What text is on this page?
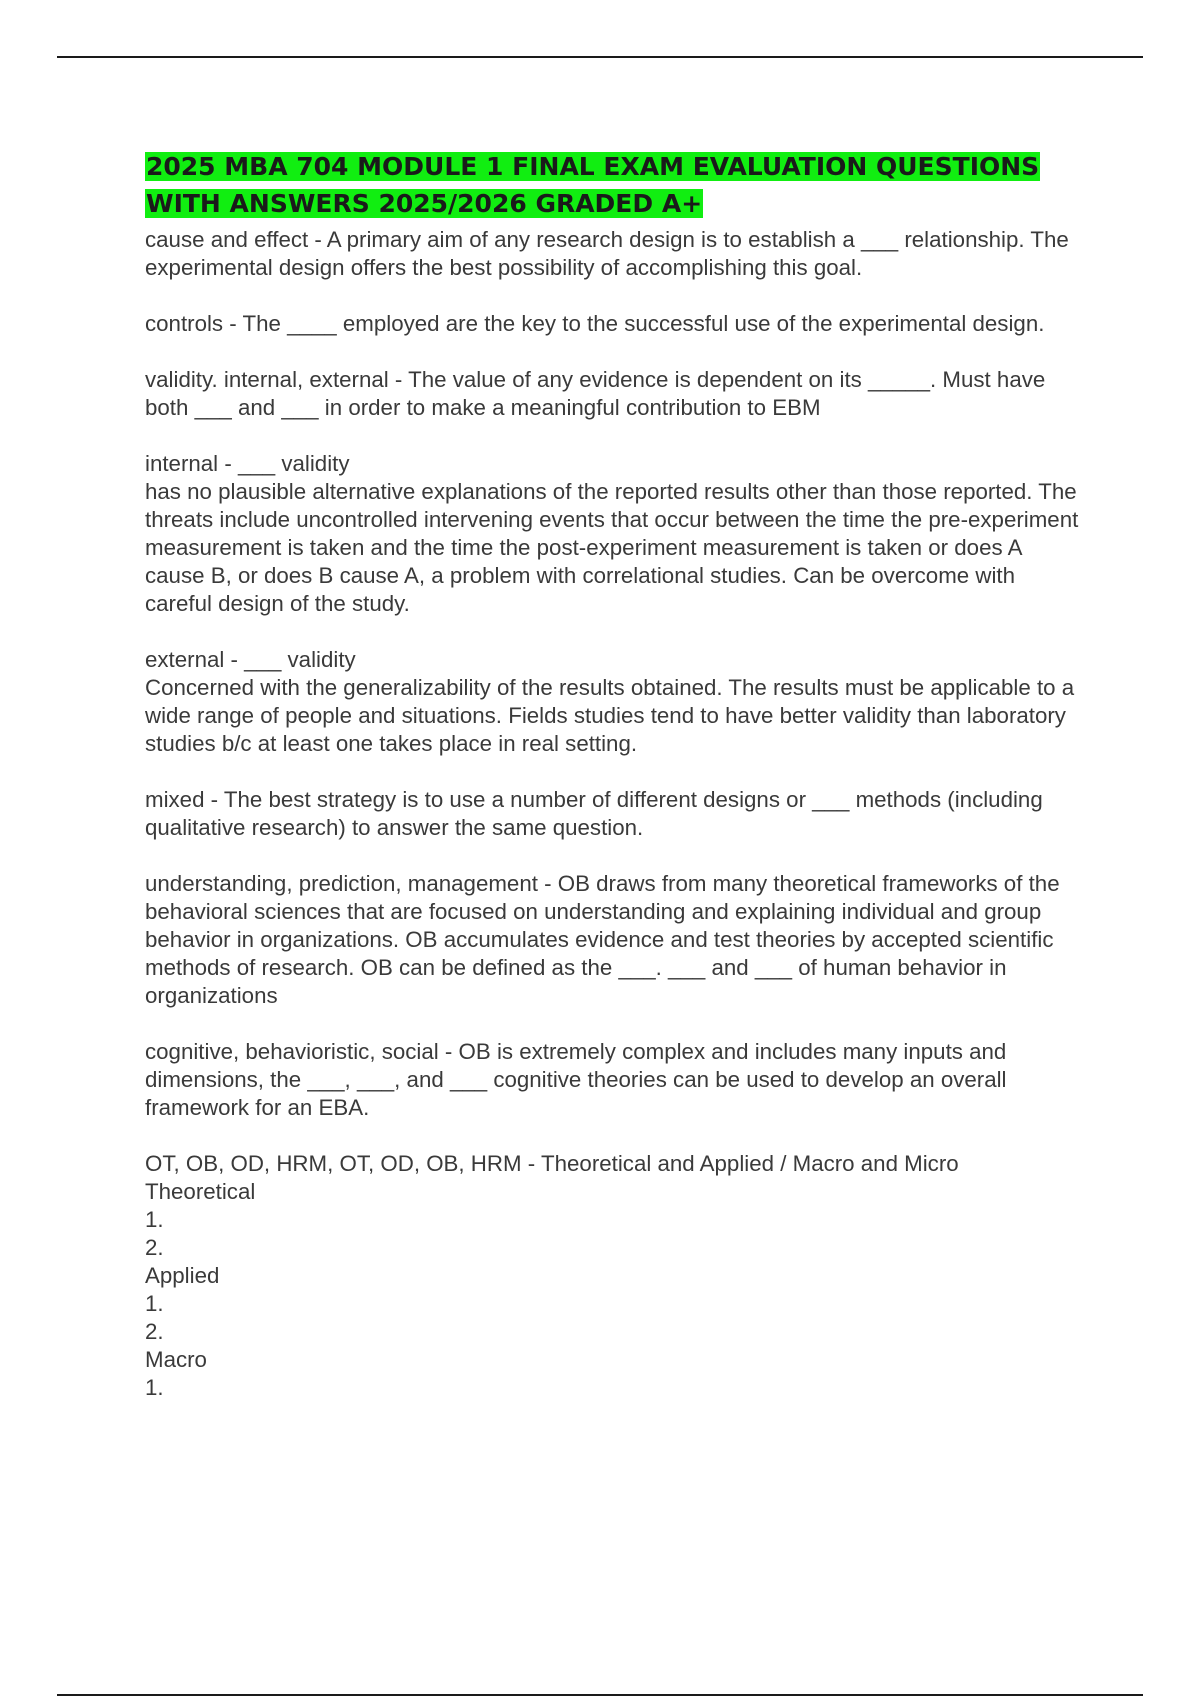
2025 MBA 704 MODULE 1 FINAL EXAM EVALUATION QUESTIONS WITH ANSWERS 2025/2026 GRADED A+
cause and effect - A primary aim of any research design is to establish a ___ relationship. The experimental design offers the best possibility of accomplishing this goal.
controls - The ____ employed are the key to the successful use of the experimental design.
validity. internal, external - The value of any evidence is dependent on its _____. Must have both ___ and ___ in order to make a meaningful contribution to EBM
internal - ___ validity
has no plausible alternative explanations of the reported results other than those reported. The threats include uncontrolled intervening events that occur between the time the pre-experiment measurement is taken and the time the post-experiment measurement is taken or does A cause B, or does B cause A, a problem with correlational studies. Can be overcome with careful design of the study.
external - ___ validity
Concerned with the generalizability of the results obtained. The results must be applicable to a wide range of people and situations. Fields studies tend to have better validity than laboratory studies b/c at least one takes place in real setting.
mixed - The best strategy is to use a number of different designs or ___ methods (including qualitative research) to answer the same question.
understanding, prediction, management - OB draws from many theoretical frameworks of the behavioral sciences that are focused on understanding and explaining individual and group behavior in organizations. OB accumulates evidence and test theories by accepted scientific methods of research. OB can be defined as the ___. ___ and ___ of human behavior in organizations
cognitive, behavioristic, social - OB is extremely complex and includes many inputs and dimensions, the ___, ___, and ___ cognitive theories can be used to develop an overall framework for an EBA.
OT, OB, OD, HRM, OT, OD, OB, HRM - Theoretical and Applied / Macro and Micro
Theoretical
1.
2.
Applied
1.
2.
Macro
1.
